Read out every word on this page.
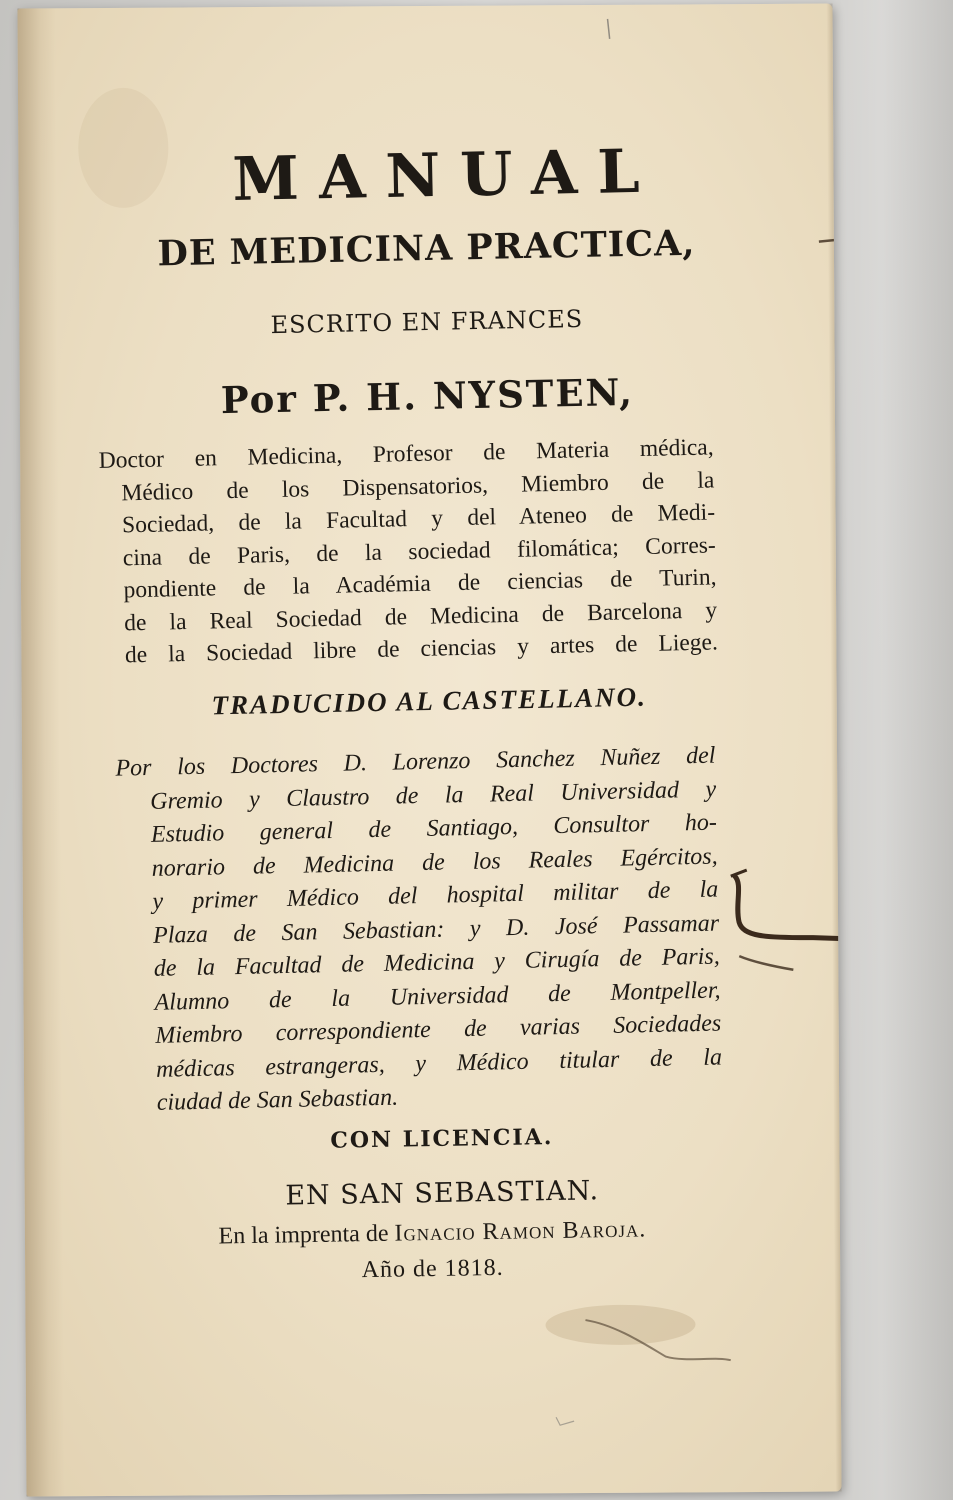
MANUAL
DE MEDICINA PRACTICA,
ESCRITO EN FRANCES
Por P. H. NYSTEN,
Doctor en Medicina, Profesor de Materia médica,
Médico de los Dispensatorios, Miembro de la
Sociedad, de la Facultad y del Ateneo de Medi-
cina de Paris, de la sociedad filomática; Corres-
pondiente de la Académia de ciencias de Turin,
de la Real Sociedad de Medicina de Barcelona y
de la Sociedad libre de ciencias y artes de Liege.
TRADUCIDO AL CASTELLANO.
Por los Doctores D. Lorenzo Sanchez Nuñez del
Gremio y Claustro de la Real Universidad y
Estudio general de Santiago, Consultor ho-
norario de Medicina de los Reales Egércitos,
y primer Médico del hospital militar de la
Plaza de San Sebastian: y D. José Passamar
de la Facultad de Medicina y Cirugía de Paris,
Alumno de la Universidad de Montpeller,
Miembro correspondiente de varias Sociedades
médicas estrangeras, y Médico titular de la
ciudad de San Sebastian.
CON LICENCIA.
EN SAN SEBASTIAN.
En la imprenta de Ignacio Ramon Baroja.
Año de 1818.
